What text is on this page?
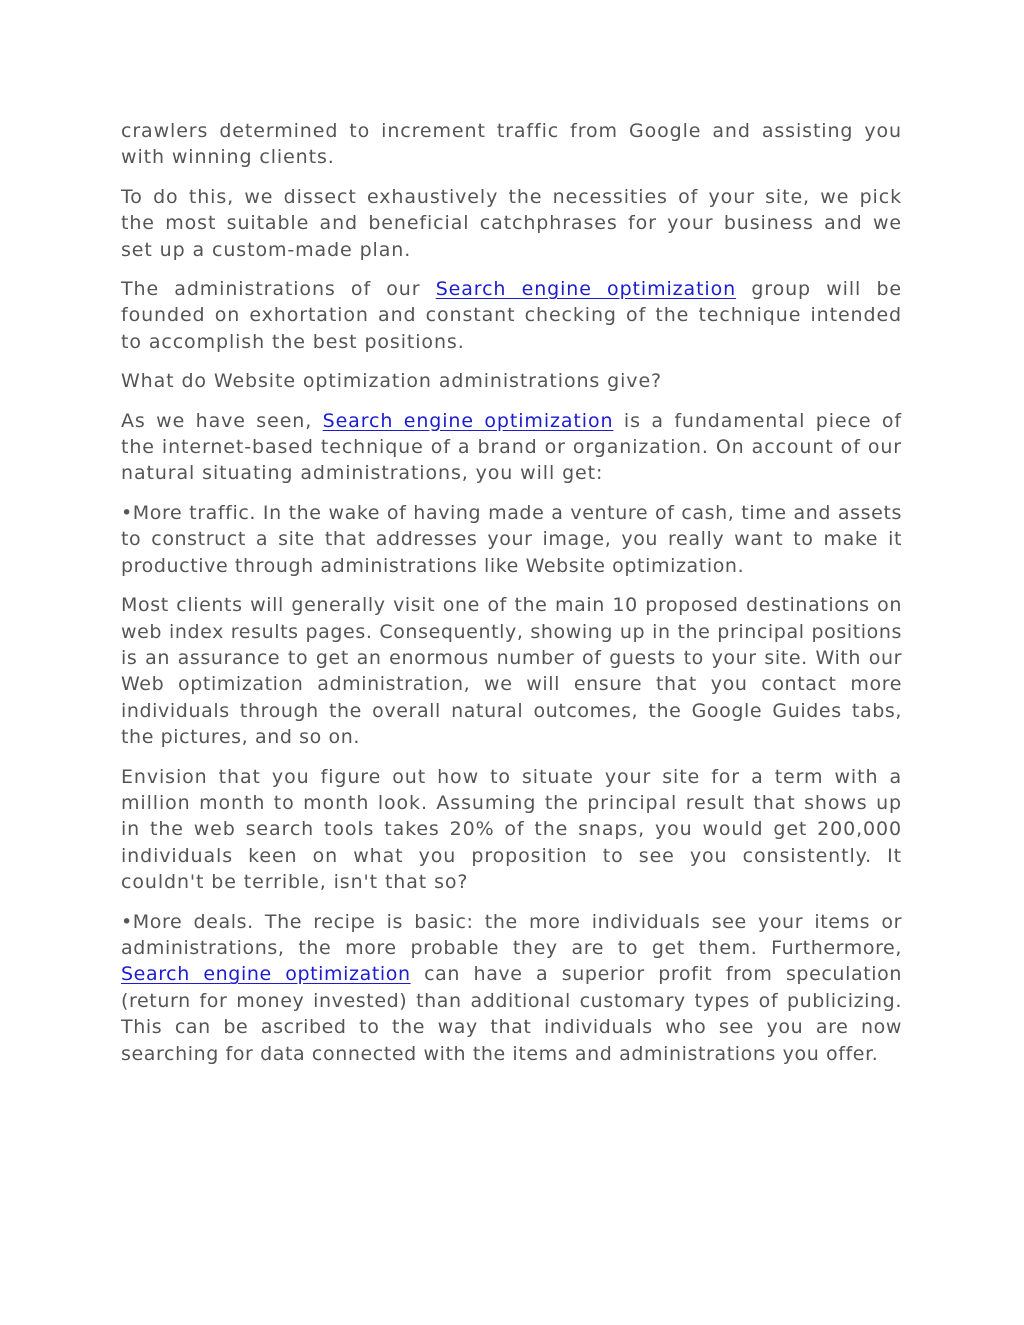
crawlers determined to increment traffic from Google and assisting you with winning clients.

To do this, we dissect exhaustively the necessities of your site, we pick the most suitable and beneficial catchphrases for your business and we set up a custom-made plan.

The administrations of our Search engine optimization group will be founded on exhortation and constant checking of the technique intended to accomplish the best positions.

What do Website optimization administrations give?

As we have seen, Search engine optimization is a fundamental piece of the internet-based technique of a brand or organization. On account of our natural situating administrations, you will get:

•More traffic. In the wake of having made a venture of cash, time and assets to construct a site that addresses your image, you really want to make it productive through administrations like Website optimization.

Most clients will generally visit one of the main 10 proposed destinations on web index results pages. Consequently, showing up in the principal positions is an assurance to get an enormous number of guests to your site. With our Web optimization administration, we will ensure that you contact more individuals through the overall natural outcomes, the Google Guides tabs, the pictures, and so on.

Envision that you figure out how to situate your site for a term with a million month to month look. Assuming the principal result that shows up in the web search tools takes 20% of the snaps, you would get 200,000 individuals keen on what you proposition to see you consistently. It couldn't be terrible, isn't that so?

•More deals. The recipe is basic: the more individuals see your items or administrations, the more probable they are to get them. Furthermore, Search engine optimization can have a superior profit from speculation (return for money invested) than additional customary types of publicizing. This can be ascribed to the way that individuals who see you are now searching for data connected with the items and administrations you offer.
